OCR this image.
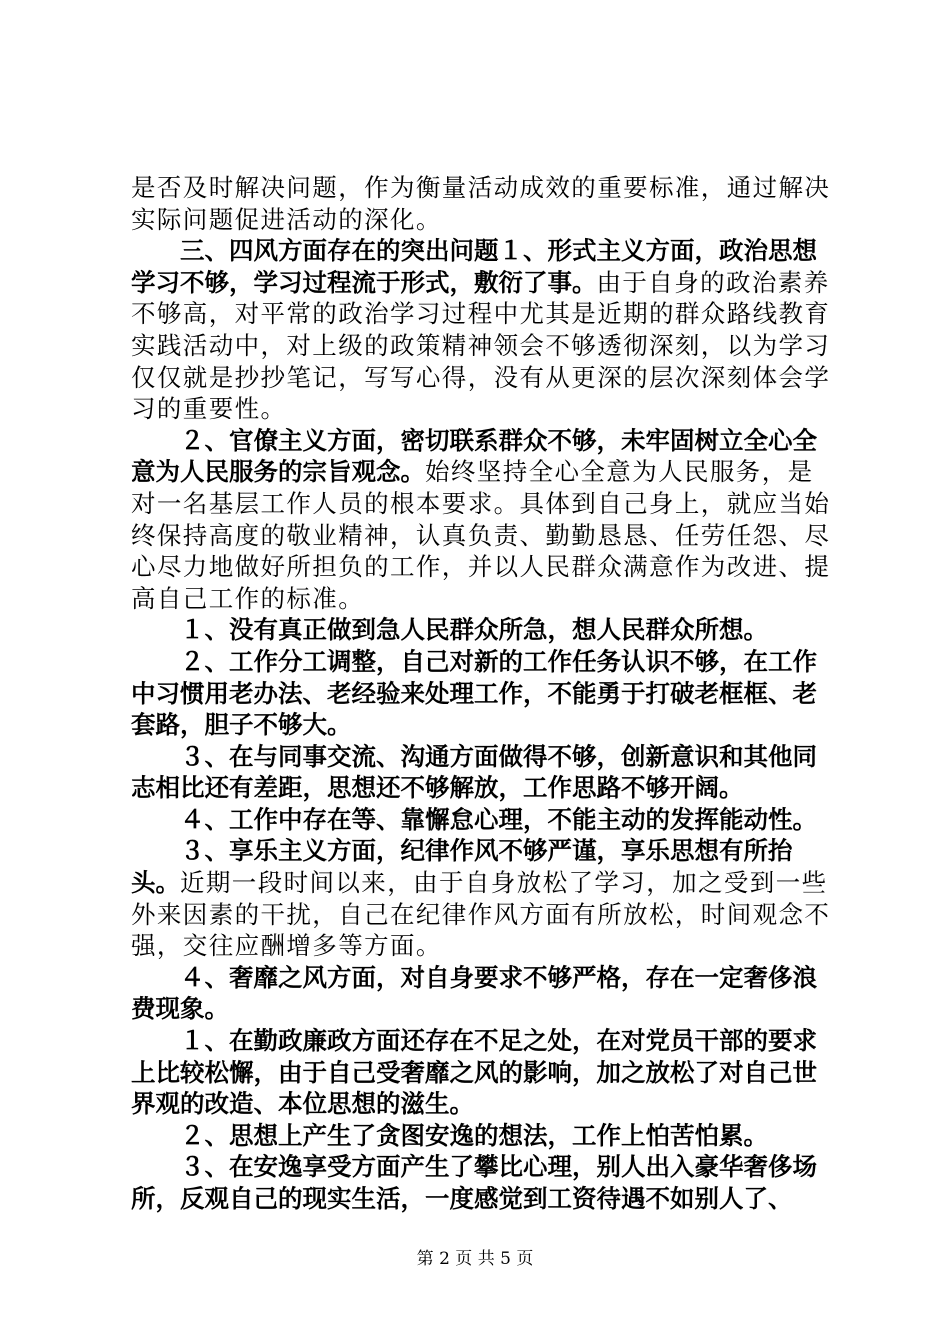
是否及时解决问题，作为衡量活动成效的重要标准，通过解决实际问题促进活动的深化。

三、四风方面存在的突出问题１、形式主义方面，政治思想学习不够，学习过程流于形式，敷衍了事。由于自身的政治素养不够高，对平常的政治学习过程中尤其是近期的群众路线教育实践活动中，对上级的政策精神领会不够透彻深刻，以为学习仅仅就是抄抄笔记，写写心得，没有从更深的层次深刻体会学习的重要性。

２、官僚主义方面，密切联系群众不够，未牢固树立全心全意为人民服务的宗旨观念。始终坚持全心全意为人民服务，是对一名基层工作人员的根本要求。具体到自己身上，就应当始终保持高度的敬业精神，认真负责、勤勤恳恳、任劳任怨、尽心尽力地做好所担负的工作，并以人民群众满意作为改进、提高自己工作的标准。

１、没有真正做到急人民群众所急，想人民群众所想。

２、工作分工调整，自己对新的工作任务认识不够，在工作中习惯用老办法、老经验来处理工作，不能勇于打破老框框、老套路，胆子不够大。

３、在与同事交流、沟通方面做得不够，创新意识和其他同志相比还有差距，思想还不够解放，工作思路不够开阔。

４、工作中存在等、靠懈怠心理，不能主动的发挥能动性。

３、享乐主义方面，纪律作风不够严谨，享乐思想有所抬头。近期一段时间以来，由于自身放松了学习，加之受到一些外来因素的干扰，自己在纪律作风方面有所放松，时间观念不强，交往应酬增多等方面。

４、奢靡之风方面，对自身要求不够严格，存在一定奢侈浪费现象。

１、在勤政廉政方面还存在不足之处，在对党员干部的要求上比较松懈，由于自己受奢靡之风的影响，加之放松了对自己世界观的改造、本位思想的滋生。

２、思想上产生了贪图安逸的想法，工作上怕苦怕累。

３、在安逸享受方面产生了攀比心理，别人出入豪华奢侈场所，反观自己的现实生活，一度感觉到工资待遇不如别人了、

第 2 页 共 5 页
